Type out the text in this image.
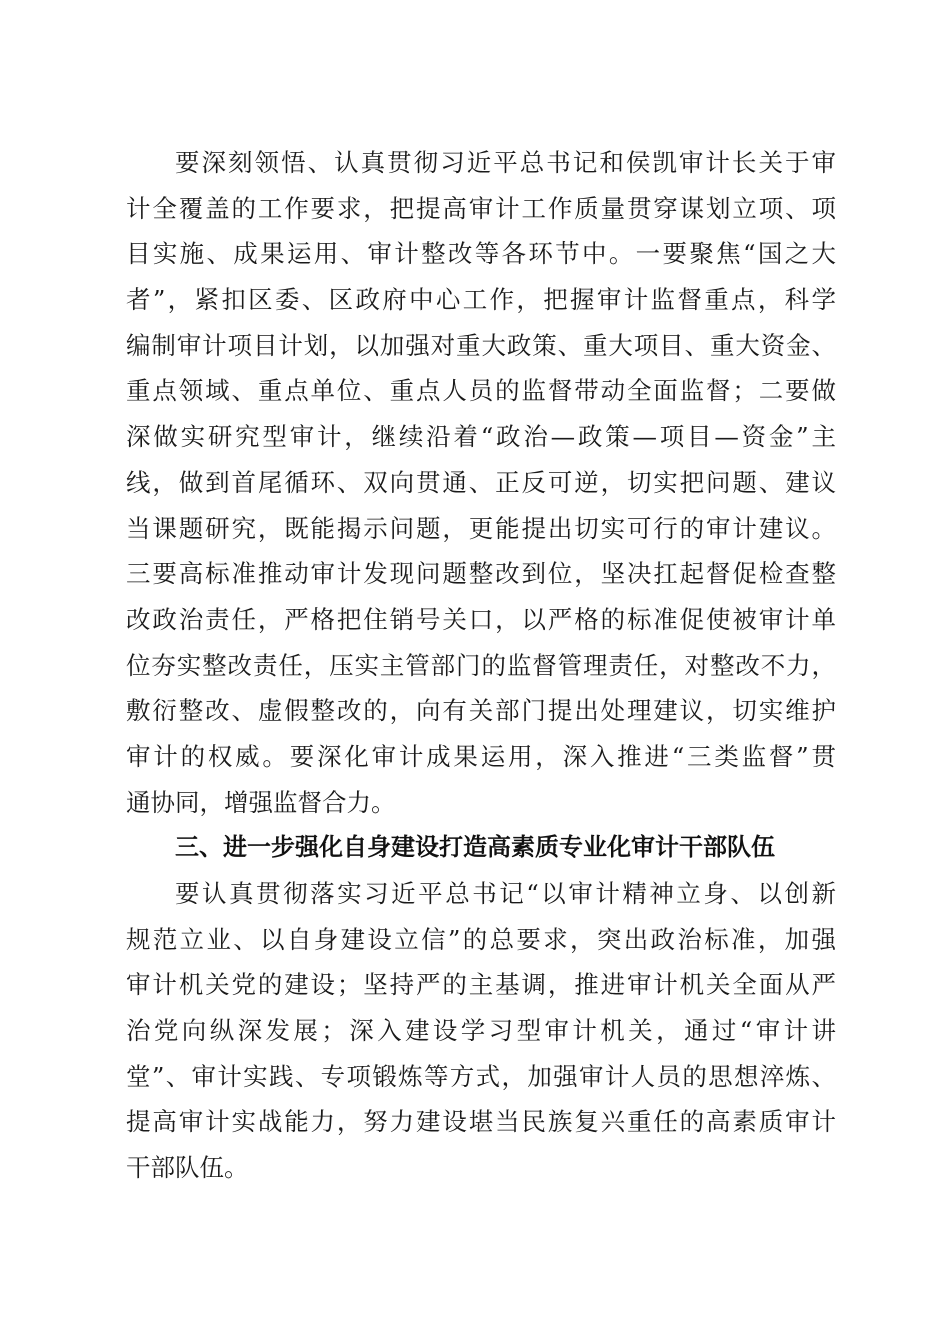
要深刻领悟、认真贯彻习近平总书记和侯凯审计长关于审
计全覆盖的工作要求，把提高审计工作质量贯穿谋划立项、项
目实施、成果运用、审计整改等各环节中。一要聚焦“国之大
者”，紧扣区委、区政府中心工作，把握审计监督重点，科学
编制审计项目计划，以加强对重大政策、重大项目、重大资金、
重点领域、重点单位、重点人员的监督带动全面监督；二要做
深做实研究型审计，继续沿着“政治—政策—项目—资金”主
线，做到首尾循环、双向贯通、正反可逆，切实把问题、建议
当课题研究，既能揭示问题，更能提出切实可行的审计建议。
三要高标准推动审计发现问题整改到位，坚决扛起督促检查整
改政治责任，严格把住销号关口，以严格的标准促使被审计单
位夯实整改责任，压实主管部门的监督管理责任，对整改不力，
敷衍整改、虚假整改的，向有关部门提出处理建议，切实维护
审计的权威。要深化审计成果运用，深入推进“三类监督”贯
通协同，增强监督合力。
三、进一步强化自身建设打造高素质专业化审计干部队伍
要认真贯彻落实习近平总书记“以审计精神立身、以创新
规范立业、以自身建设立信”的总要求，突出政治标准，加强
审计机关党的建设；坚持严的主基调，推进审计机关全面从严
治党向纵深发展；深入建设学习型审计机关，通过“审计讲
堂”、审计实践、专项锻炼等方式，加强审计人员的思想淬炼、
提高审计实战能力，努力建设堪当民族复兴重任的高素质审计
干部队伍。
